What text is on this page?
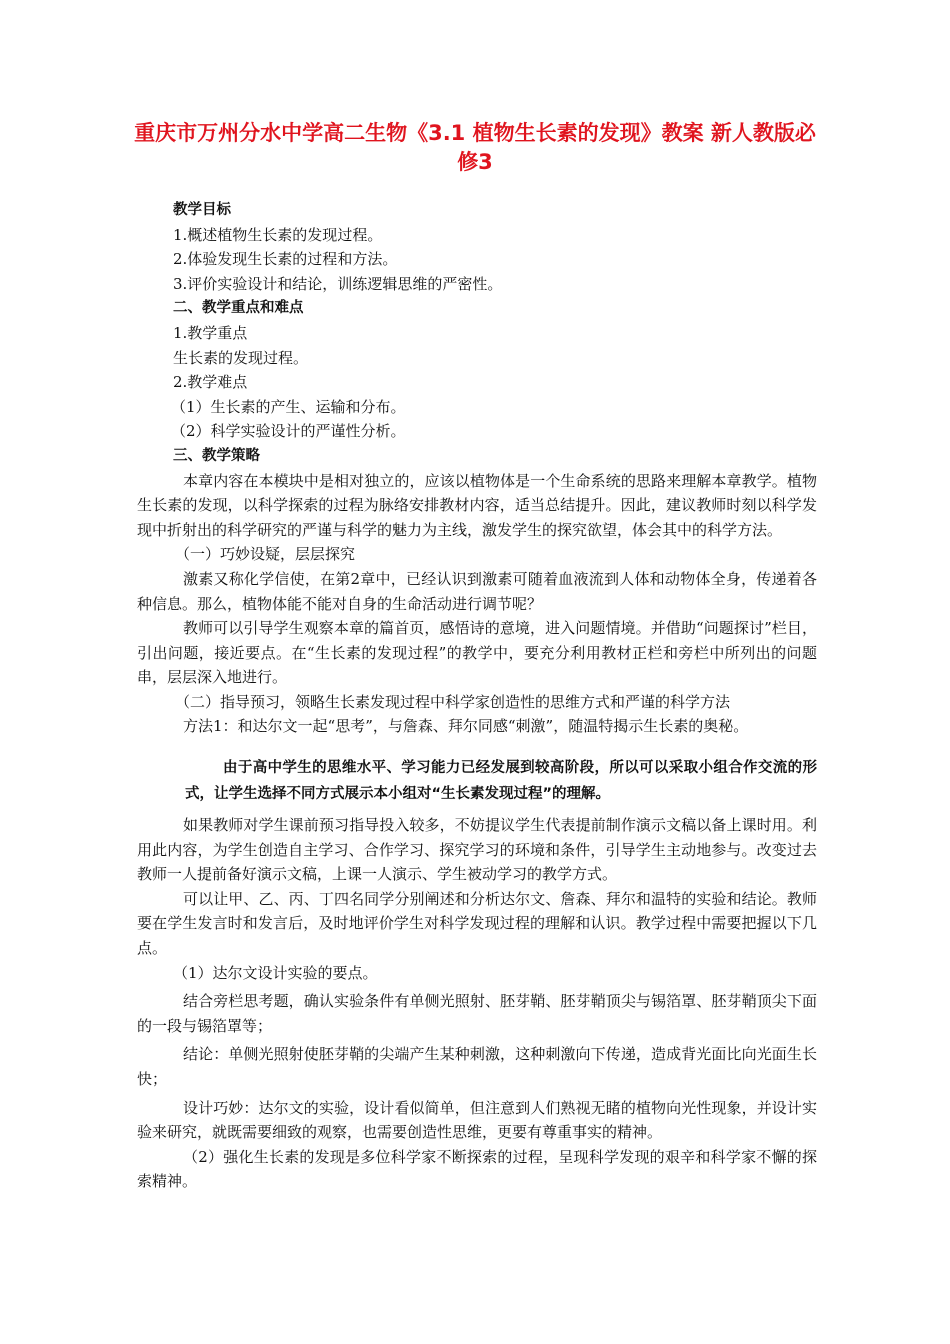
重庆市万州分水中学高二生物《3.1 植物生长素的发现》教案 新人教版必修3

教学目标

1.概述植物生长素的发现过程。

2.体验发现生长素的过程和方法。

3.评价实验设计和结论，训练逻辑思维的严密性。

二、教学重点和难点

1.教学重点

生长素的发现过程。

2.教学难点

（1）生长素的产生、运输和分布。

（2）科学实验设计的严谨性分析。

三、教学策略

本章内容在本模块中是相对独立的，应该以植物体是一个生命系统的思路来理解本章教学。植物生长素的发现，以科学探索的过程为脉络安排教材内容，适当总结提升。因此，建议教师时刻以科学发现中折射出的科学研究的严谨与科学的魅力为主线，激发学生的探究欲望，体会其中的科学方法。

（一）巧妙设疑，层层探究

激素又称化学信使，在第2章中，已经认识到激素可随着血液流到人体和动物体全身，传递着各种信息。那么，植物体能不能对自身的生命活动进行调节呢？

教师可以引导学生观察本章的篇首页，感悟诗的意境，进入问题情境。并借助“问题探讨”栏目，引出问题，接近要点。在“生长素的发现过程”的教学中，要充分利用教材正栏和旁栏中所列出的问题串，层层深入地进行。

（二）指导预习，领略生长素发现过程中科学家创造性的思维方式和严谨的科学方法

方法1：和达尔文一起“思考”，与詹森、拜尔同感“刺激”，随温特揭示生长素的奥秘。

由于高中学生的思维水平、学习能力已经发展到较高阶段，所以可以采取小组合作交流的形式，让学生选择不同方式展示本小组对“生长素发现过程”的理解。

如果教师对学生课前预习指导投入较多，不妨提议学生代表提前制作演示文稿以备上课时用。利用此内容，为学生创造自主学习、合作学习、探究学习的环境和条件，引导学生主动地参与。改变过去教师一人提前备好演示文稿，上课一人演示、学生被动学习的教学方式。

可以让甲、乙、丙、丁四名同学分别阐述和分析达尔文、詹森、拜尔和温特的实验和结论。教师要在学生发言时和发言后，及时地评价学生对科学发现过程的理解和认识。教学过程中需要把握以下几点。

（1）达尔文设计实验的要点。

结合旁栏思考题，确认实验条件有单侧光照射、胚芽鞘、胚芽鞘顶尖与锡箔罩、胚芽鞘顶尖下面的一段与锡箔罩等；

结论：单侧光照射使胚芽鞘的尖端产生某种刺激，这种刺激向下传递，造成背光面比向光面生长快；

设计巧妙：达尔文的实验，设计看似简单，但注意到人们熟视无睹的植物向光性现象，并设计实验来研究，就既需要细致的观察，也需要创造性思维，更要有尊重事实的精神。

（2）强化生长素的发现是多位科学家不断探索的过程，呈现科学发现的艰辛和科学家不懈的探索精神。
